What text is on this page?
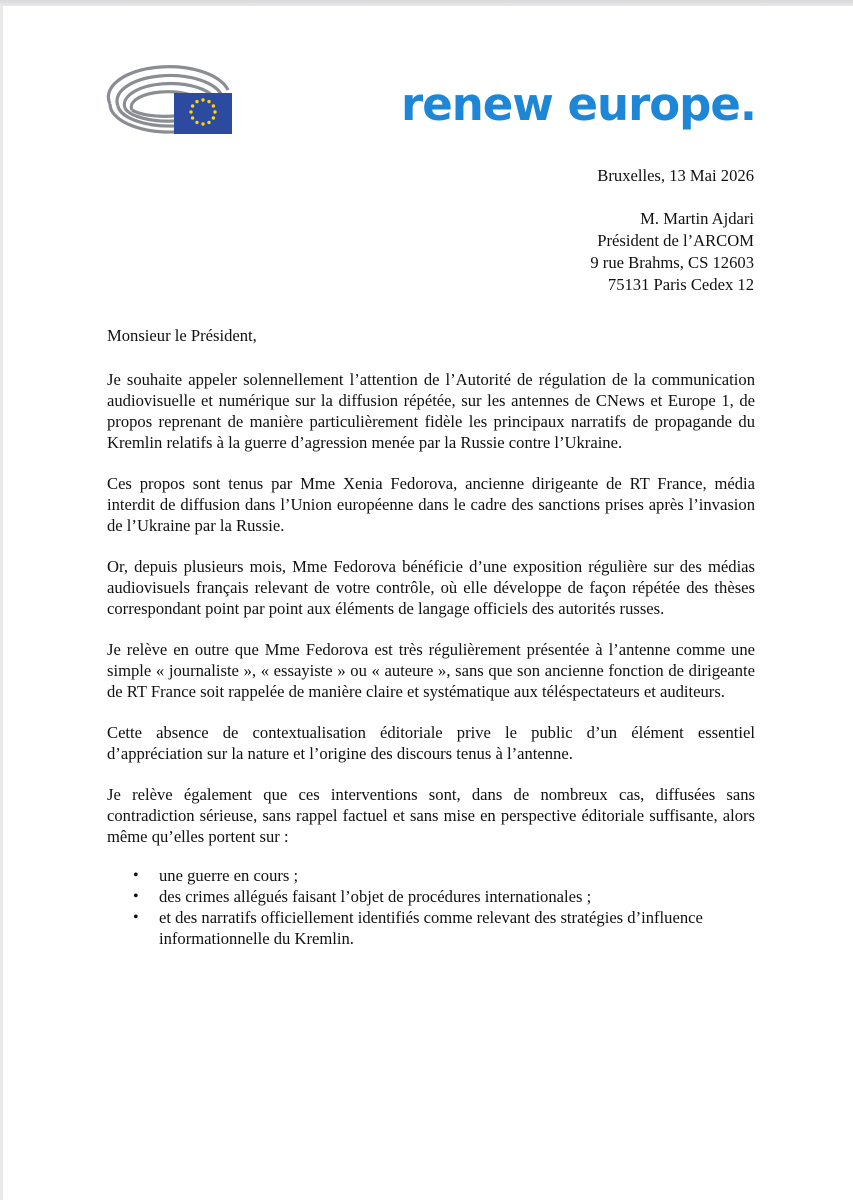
renew europe.
Bruxelles, 13 Mai 2026
M. Martin Ajdari
Président de l’ARCOM
9 rue Brahms, CS 12603
75131 Paris Cedex 12

Monsieur le Président,

Je souhaite appeler solennellement l’attention de l’Autorité de régulation de la communication audiovisuelle et numérique sur la diffusion répétée, sur les antennes de CNews et Europe 1, de propos reprenant de manière particulièrement fidèle les principaux narratifs de propagande du Kremlin relatifs à la guerre d’agression menée par la Russie contre l’Ukraine.

Ces propos sont tenus par Mme Xenia Fedorova, ancienne dirigeante de RT France, média interdit de diffusion dans l’Union européenne dans le cadre des sanctions prises après l’invasion de l’Ukraine par la Russie.

Or, depuis plusieurs mois, Mme Fedorova bénéficie d’une exposition régulière sur des médias audiovisuels français relevant de votre contrôle, où elle développe de façon répétée des thèses correspondant point par point aux éléments de langage officiels des autorités russes.

Je relève en outre que Mme Fedorova est très régulièrement présentée à l’antenne comme une simple « journaliste », « essayiste » ou « auteure », sans que son ancienne fonction de dirigeante de RT France soit rappelée de manière claire et systématique aux téléspectateurs et auditeurs.

Cette absence de contextualisation éditoriale prive le public d’un élément essentiel d’appréciation sur la nature et l’origine des discours tenus à l’antenne.

Je relève également que ces interventions sont, dans de nombreux cas, diffusées sans contradiction sérieuse, sans rappel factuel et sans mise en perspective éditoriale suffisante, alors même qu’elles portent sur :

• une guerre en cours ;
• des crimes allégués faisant l’objet de procédures internationales ;
• et des narratifs officiellement identifiés comme relevant des stratégies d’influence informationnelle du Kremlin.
